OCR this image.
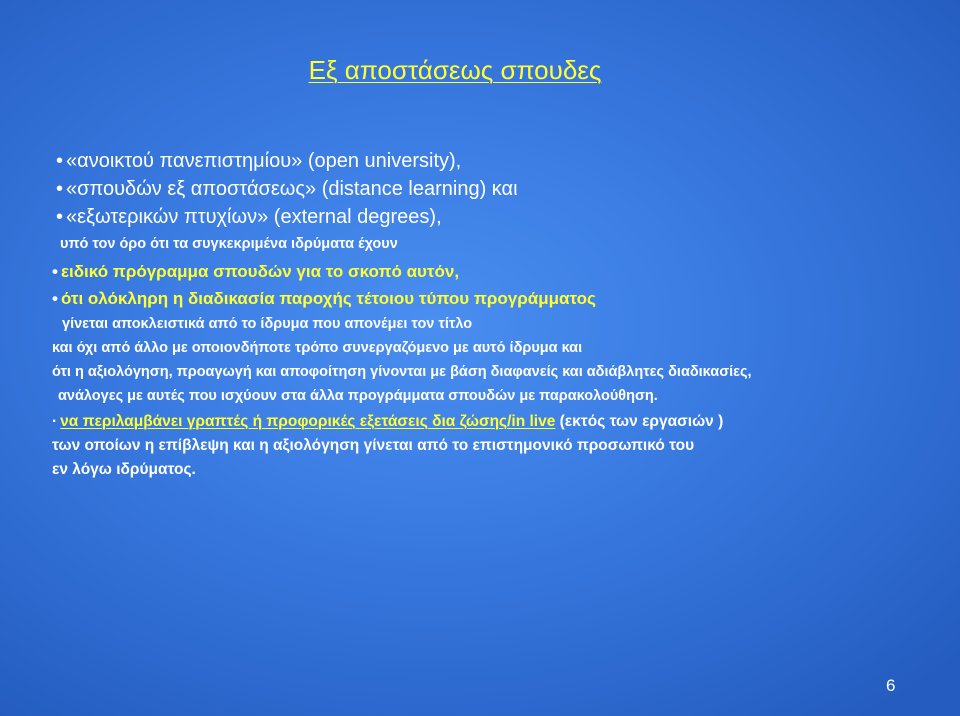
Εξ αποστάσεως σπουδες
• «ανοικτού πανεπιστημίου» (open university),
• «σπουδών εξ αποστάσεως» (distance learning) και
• «εξωτερικών πτυχίων» (external degrees),
υπό τον όρο ότι τα συγκεκριμένα ιδρύματα έχουν
• ειδικό πρόγραμμα σπουδών για το σκοπό αυτόν,
• ότι ολόκληρη η διαδικασία παροχής τέτοιου τύπου προγράμματος
γίνεται αποκλειστικά από το ίδρυμα που απονέμει τον τίτλο
και όχι από άλλο με οποιονδήποτε τρόπο συνεργαζόμενο με αυτό ίδρυμα και
ότι η αξιολόγηση, προαγωγή και αποφοίτηση γίνονται με βάση διαφανείς και αδιάβλητες διαδικασίες,
ανάλογες με αυτές που ισχύουν στα άλλα προγράμματα σπουδών με παρακολούθηση.
· να περιλαμβάνει γραπτές ή προφορικές εξετάσεις δια ζώσης/in live (εκτός των εργασιών )
των οποίων η επίβλεψη και η αξιολόγηση γίνεται από το επιστημονικό προσωπικό του
εν λόγω ιδρύματος.
6
